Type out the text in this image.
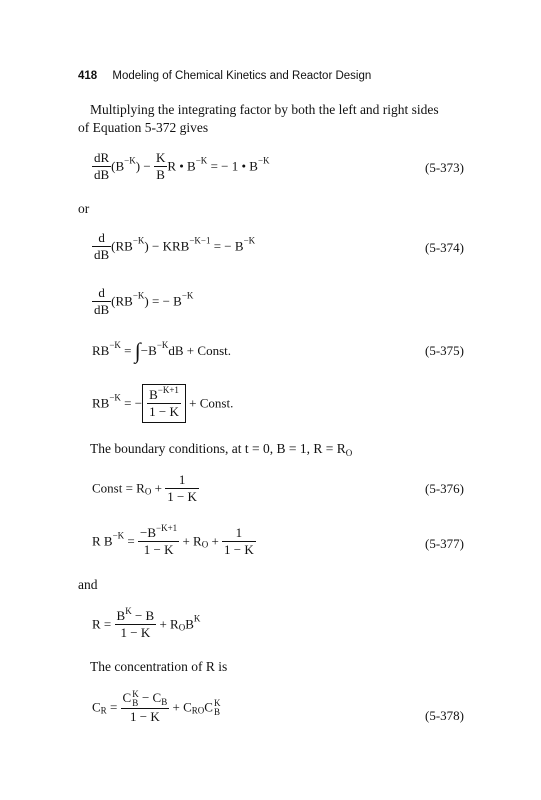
418 Modeling of Chemical Kinetics and Reactor Design
Multiplying the integrating factor by both the left and right sides
of Equation 5-372 gives
$\frac{dR}{dB} (B^{-K}) - \frac{K}{B}$ R • $B^{-K}$ = − 1 • $B^{-K}$	(5-373)
or
$\frac{d}{dB} (RB^{-K}) - KRB^{-K-1}$ = − $B^{-K}$	(5-374)
$\frac{d}{dB} (RB^{-K})$ = − $B^{-K}$
$RB^{-K} = \int-B^{-K}dB$ + Const.	(5-375)
$RB^{-K}$ = − $\frac{B^{-K+1}}{1 - K}$ + Const.
The boundary conditions, at t = 0, B = 1, $R = R_O$
Const = $R_O + \frac{1}{1 - K}$	(5-376)
R $B^{-K} = \frac{-B^{-K+1}}{1 - K} + R_O + \frac{1}{1 - K}$	(5-377)
and
$R = \frac{B^K - B}{1 - K} + R_OB^K$
The concentration of R is
$C_R = C$ K
$B - C_B$
$1 - K + C_{RO}C$ K
B	(5-378)
